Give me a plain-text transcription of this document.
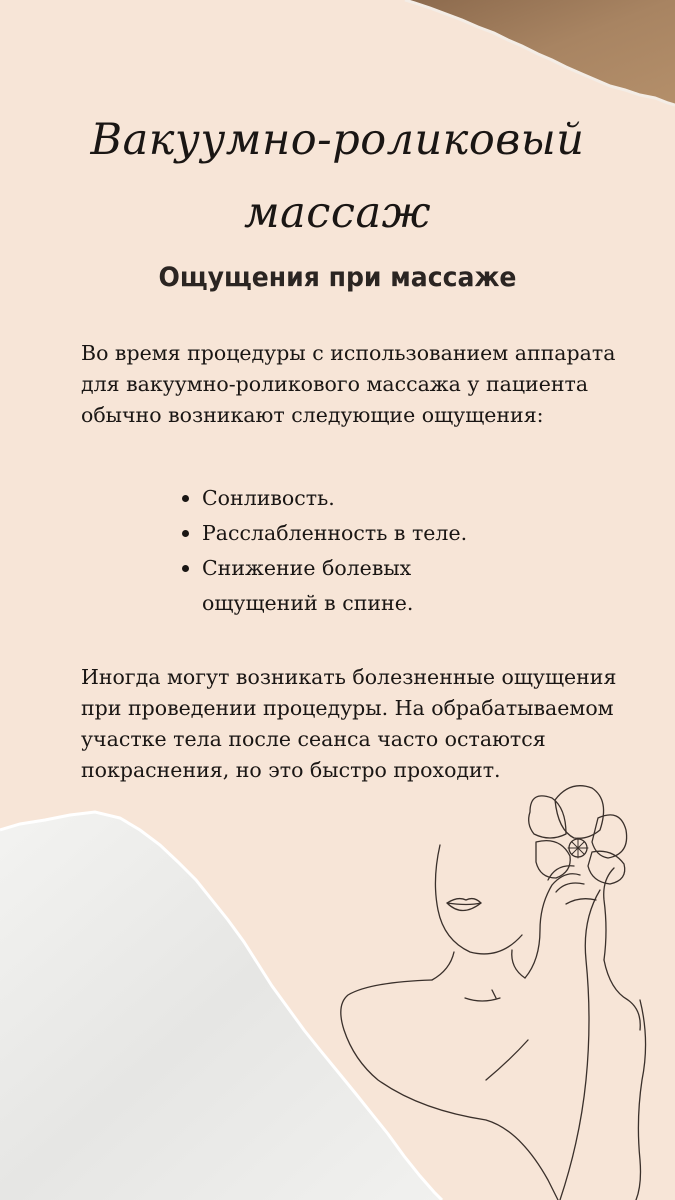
Вакуумно-роликовый
массаж
Ощущения при массаже

Во время процедуры с использованием аппарата для вакуумно-роликового массажа у пациента обычно возникают следующие ощущения:

Сонливость.
Расслабленность в теле.
Снижение болевых ощущений в спине.

Иногда могут возникать болезненные ощущения при проведении процедуры. На обрабатываемом участке тела после сеанса часто остаются покраснения, но это быстро проходит.
